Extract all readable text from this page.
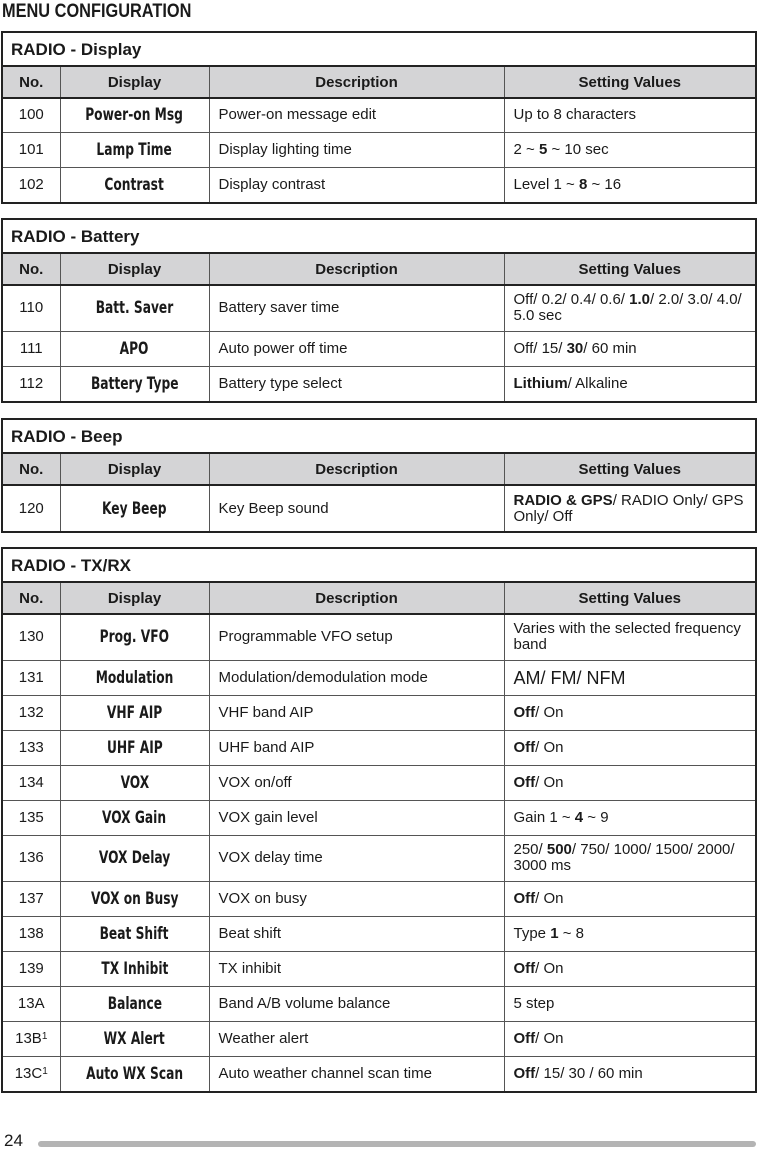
MENU CONFIGURATION
RADIO - Display
No.	Display	Description	Setting Values
100	Power-on Msg	Power-on message edit	Up to 8 characters
101	Lamp Time	Display lighting time	2 ~ 5 ~ 10 sec
102	Contrast	Display contrast	Level 1 ~ 8 ~ 16
RADIO - Battery
No.	Display	Description	Setting Values
110	Batt. Saver	Battery saver time	Off/ 0.2/ 0.4/ 0.6/ 1.0/ 2.0/ 3.0/ 4.0/ 5.0 sec
111	APO	Auto power off time	Off/ 15/ 30/ 60 min
112	Battery Type	Battery type select	Lithium/ Alkaline
RADIO - Beep
No.	Display	Description	Setting Values
120	Key Beep	Key Beep sound	RADIO & GPS/ RADIO Only/ GPS Only/ Off
RADIO - TX/RX
No.	Display	Description	Setting Values
130	Prog. VFO	Programmable VFO setup	Varies with the selected frequency band
131	Modulation	Modulation/demodulation mode	AM/ FM/ NFM
132	VHF AIP	VHF band AIP	Off/ On
133	UHF AIP	UHF band AIP	Off/ On
134	VOX	VOX on/off	Off/ On
135	VOX Gain	VOX gain level	Gain 1 ~ 4 ~ 9
136	VOX Delay	VOX delay time	250/ 500/ 750/ 1000/ 1500/ 2000/ 3000 ms
137	VOX on Busy	VOX on busy	Off/ On
138	Beat Shift	Beat shift	Type 1 ~ 8
139	TX Inhibit	TX inhibit	Off/ On
13A	Balance	Band A/B volume balance	5 step
$13B^1$	WX Alert	Weather alert	Off/ On
$13C^1$	Auto WX Scan	Auto weather channel scan time	Off/ 15/ 30 / 60 min
24
